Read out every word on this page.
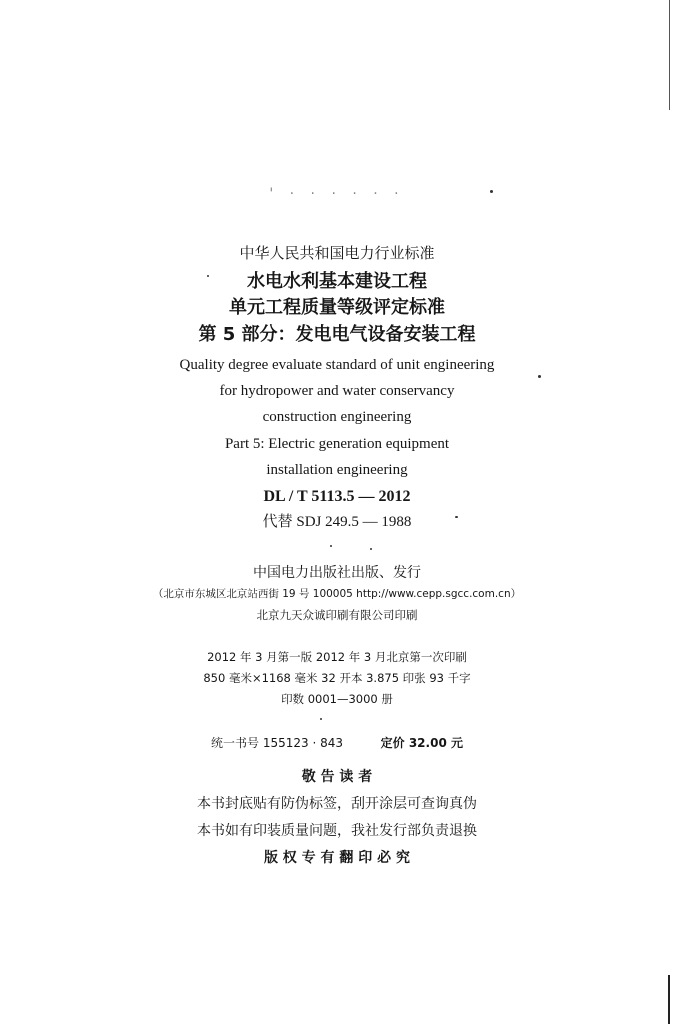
' · · · · · ·
中华人民共和国电力行业标准
水电水利基本建设工程
单元工程质量等级评定标准
第 5 部分：发电电气设备安装工程
Quality degree evaluate standard of unit engineering
for hydropower and water conservancy
construction engineering
Part 5: Electric generation equipment
installation engineering
DL / T 5113.5 — 2012
代替 SDJ 249.5 — 1988
中国电力出版社出版、发行
（北京市东城区北京站西街 19 号 100005 http://www.cepp.sgcc.com.cn）
北京九天众诚印刷有限公司印刷
2012 年 3 月第一版 2012 年 3 月北京第一次印刷
850 毫米×1168 毫米 32 开本 3.875 印张 93 千字
印数 0001—3000 册
统一书号 155123 · 843	定价 32.00 元
敬 告 读 者
本书封底贴有防伪标签，刮开涂层可查询真伪
本书如有印装质量问题，我社发行部负责退换
版 权 专 有 翻 印 必 究
